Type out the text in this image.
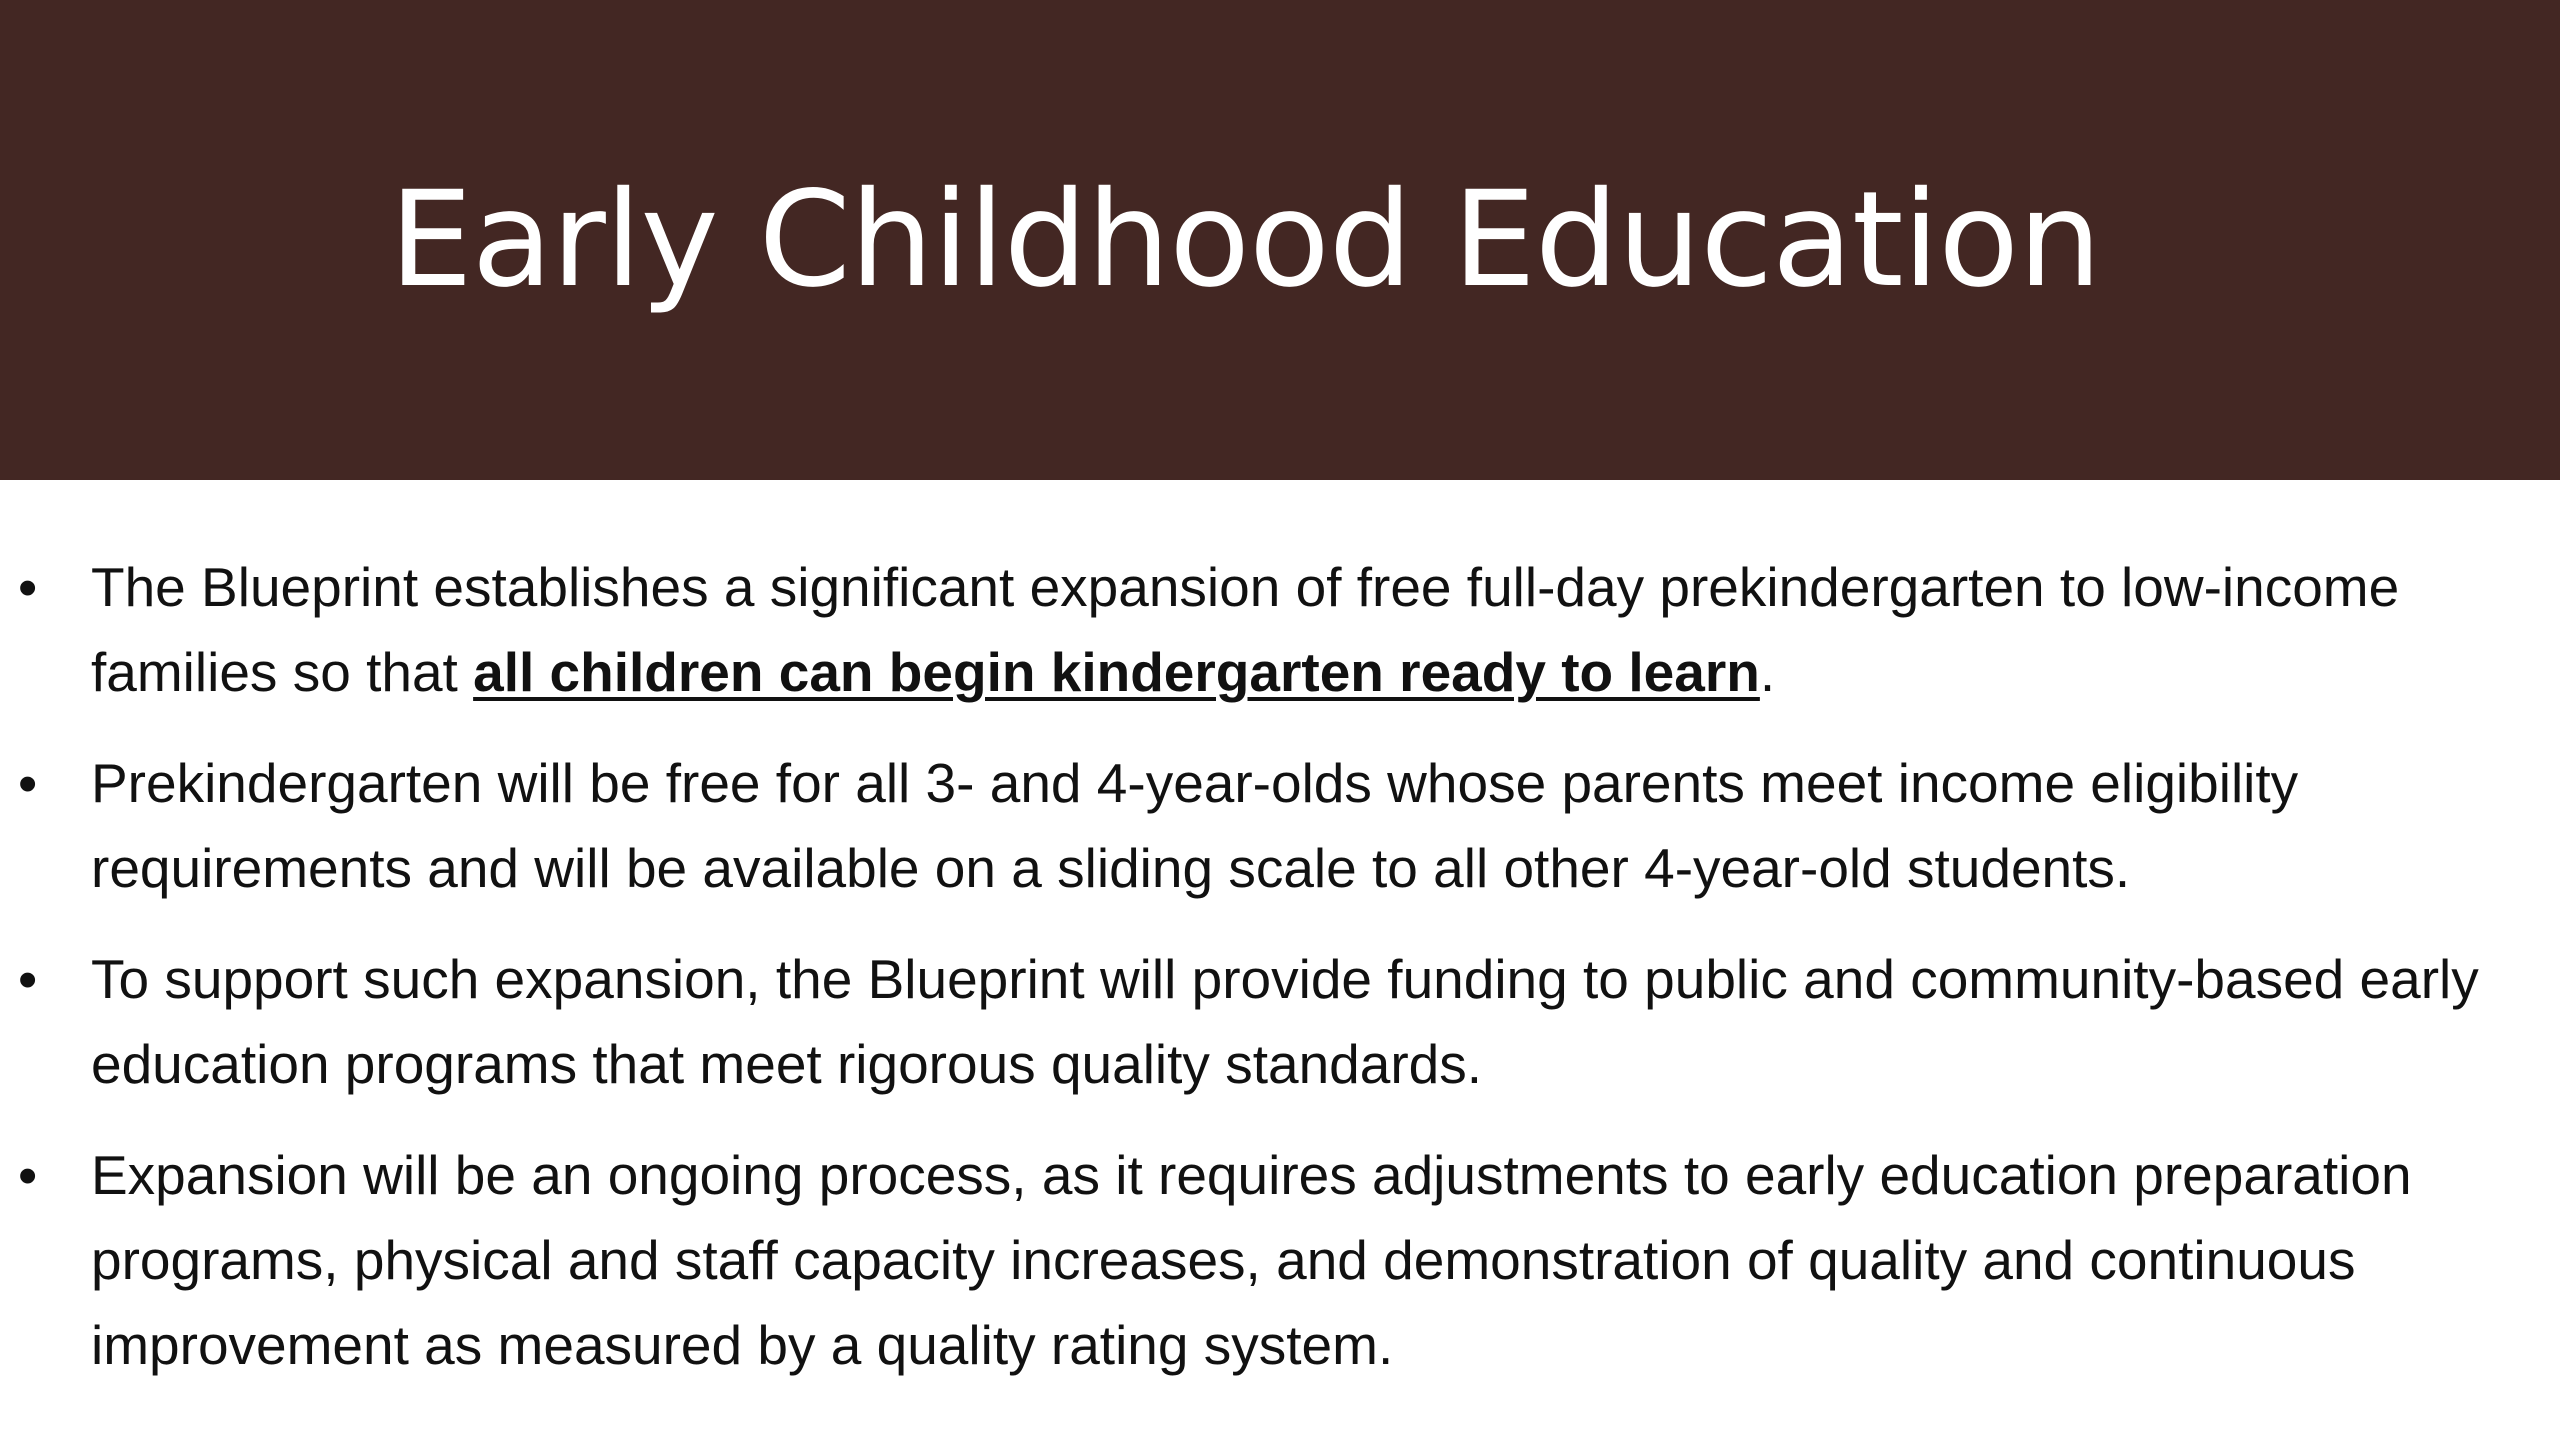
Early Childhood Education
• The Blueprint establishes a significant expansion of free full-day prekindergarten to low-income families so that all children can begin kindergarten ready to learn.
• Prekindergarten will be free for all 3- and 4-year-olds whose parents meet income eligibility requirements and will be available on a sliding scale to all other 4-year-old students.
• To support such expansion, the Blueprint will provide funding to public and community-based early education programs that meet rigorous quality standards.
• Expansion will be an ongoing process, as it requires adjustments to early education preparation programs, physical and staff capacity increases, and demonstration of quality and continuous improvement as measured by a quality rating system.
